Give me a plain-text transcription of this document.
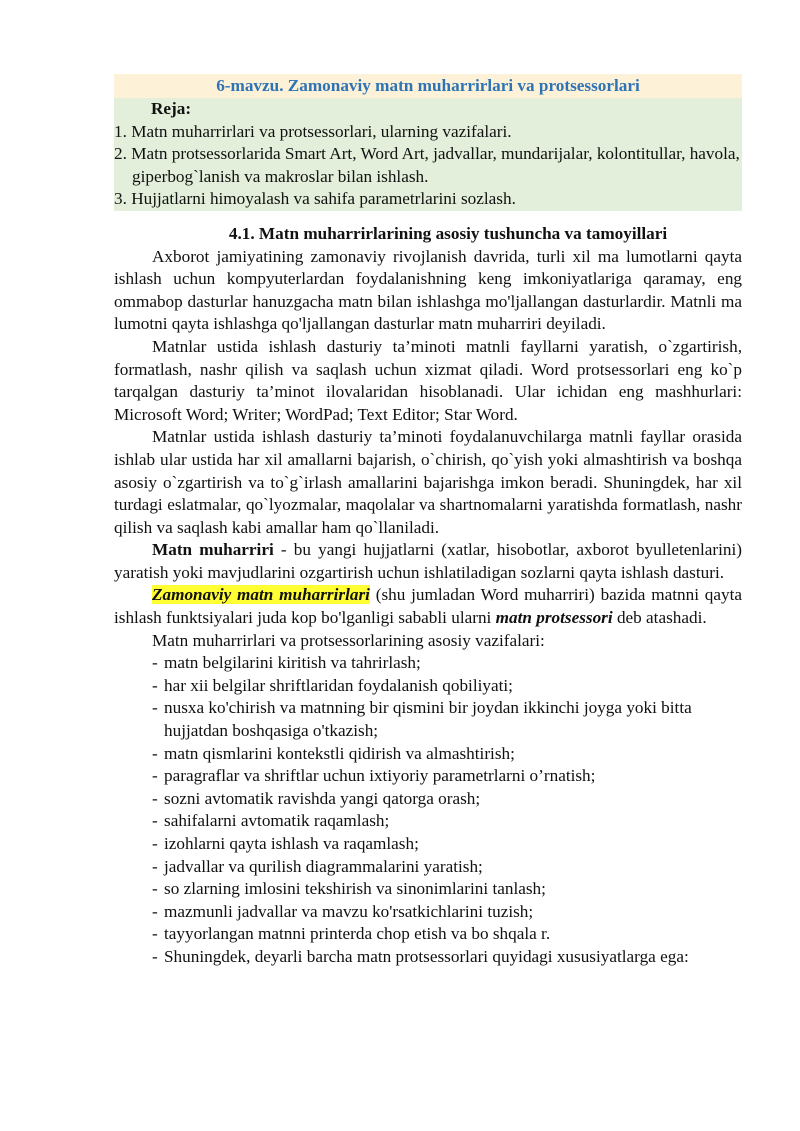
6-mavzu. Zamonaviy matn muharrirlari va protsessorlari
Reja:
1. Matn muharrirlari va protsessorlari, ularning vazifalari.
2. Matn protsessorlarida Smart Art, Word Art, jadvallar, mundarijalar, kolontitullar, havola, giperbog`lanish va makroslar bilan ishlash.
3. Hujjatlarni himoyalash va sahifa parametrlarini sozlash.
4.1. Matn muharrirlarining asosiy tushuncha va tamoyillari

Axborot jamiyatining zamonaviy rivojlanish davrida, turli xil ma lumotlarni qayta ishlash uchun kompyuterlardan foydalanishning keng imkoniyatlariga qaramay, eng ommabop dasturlar hanuzgacha matn bilan ishlashga mo'ljallangan dasturlardir. Matnli ma lumotni qayta ishlashga qo'ljallangan dasturlar matn muharriri deyiladi.

Matnlar ustida ishlash dasturiy ta’minoti matnli fayllarni yaratish, o`zgartirish, formatlash, nashr qilish va saqlash uchun xizmat qiladi. Word protsessorlari eng ko`p tarqalgan dasturiy ta’minot ilovalaridan hisoblanadi. Ular ichidan eng mashhurlari: Microsoft Word; Writer; WordPad; Text Editor; Star Word.

Matnlar ustida ishlash dasturiy ta’minoti foydalanuvchilarga matnli fayllar orasida ishlab ular ustida har xil amallarni bajarish, o`chirish, qo`yish yoki almashtirish va boshqa asosiy o`zgartirish va to`g`irlash amallarini bajarishga imkon beradi. Shuningdek, har xil turdagi eslatmalar, qo`lyozmalar, maqolalar va shartnomalarni yaratishda formatlash, nashr qilish va saqlash kabi amallar ham qo`llaniladi.

Matn muharriri - bu yangi hujjatlarni (xatlar, hisobotlar, axborot byulletenlarini) yaratish yoki mavjudlarini ozgartirish uchun ishlatiladigan sozlarni qayta ishlash dasturi.

Zamonaviy matn muharrirlari (shu jumladan Word muharriri) bazida matnni qayta ishlash funktsiyalari juda kop bo'lganligi sababli ularni matn protsessori deb atashadi.

Matn muharrirlari va protsessorlarining asosiy vazifalari:
- matn belgilarini kiritish va tahrirlash;
- har xii belgilar shriftlaridan foydalanish qobiliyati;
- nusxa ko'chirish va matnning bir qismini bir joydan ikkinchi joyga yoki bitta hujjatdan boshqasiga o'tkazish;
- matn qismlarini kontekstli qidirish va almashtirish;
- paragraflar va shriftlar uchun ixtiyoriy parametrlarni o’rnatish;
- sozni avtomatik ravishda yangi qatorga orash;
- sahifalarni avtomatik raqamlash;
- izohlarni qayta ishlash va raqamlash;
- jadvallar va qurilish diagrammalarini yaratish;
- so zlarning imlosini tekshirish va sinonimlarini tanlash;
- mazmunli jadvallar va mavzu ko'rsatkichlarini tuzish;
- tayyorlangan matnni printerda chop etish va bo shqala r.
- Shuningdek, deyarli barcha matn protsessorlari quyidagi xususiyatlarga ega:
